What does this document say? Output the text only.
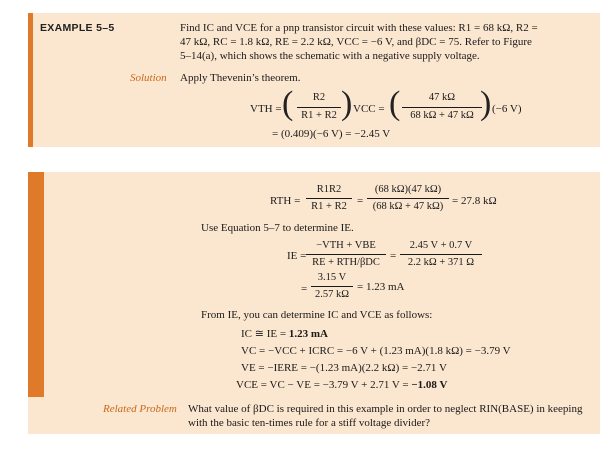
EXAMPLE 5–5	Find IC and VCE for a pnp transistor circuit with these values: R1 = 68 kΩ, R2 =
47 kΩ, RC = 1.8 kΩ, RE = 2.2 kΩ, VCC = −6 V, and βDC = 75. Refer to Figure
5–14(a), which shows the schematic with a negative supply voltage.
Solution Apply Thevenin’s theorem.
VTH = (	R2
R1 + R2 ) VCC = (	47 kΩ
68 kΩ + 47 kΩ ) (−6 V)
= (0.409)(−6 V) = −2.45 V
RTH =
R1R2
R1 + R2 =
(68 kΩ)(47 kΩ)
(68 kΩ + 47 kΩ) = 27.8 kΩ
Use Equation 5–7 to determine IE.
IE =
−VTH + VBE
RE + RTH/βDC
=
2.45 V + 0.7 V
2.2 kΩ + 371 Ω
=
3.15 V
2.57 kΩ
= 1.23 mA
From IE, you can determine IC and VCE as follows:
IC ≅ IE = 1.23 mA
VC = −VCC + ICRC = −6 V + (1.23 mA)(1.8 kΩ) = −3.79 V
VE = −IERE = −(1.23 mA)(2.2 kΩ) = −2.71 V
VCE = VC − VE = −3.79 V + 2.71 V = −1.08 V
Related Problem What value of βDC is required in this example in order to neglect RIN(BASE) in keeping
with the basic ten-times rule for a stiff voltage divider?
